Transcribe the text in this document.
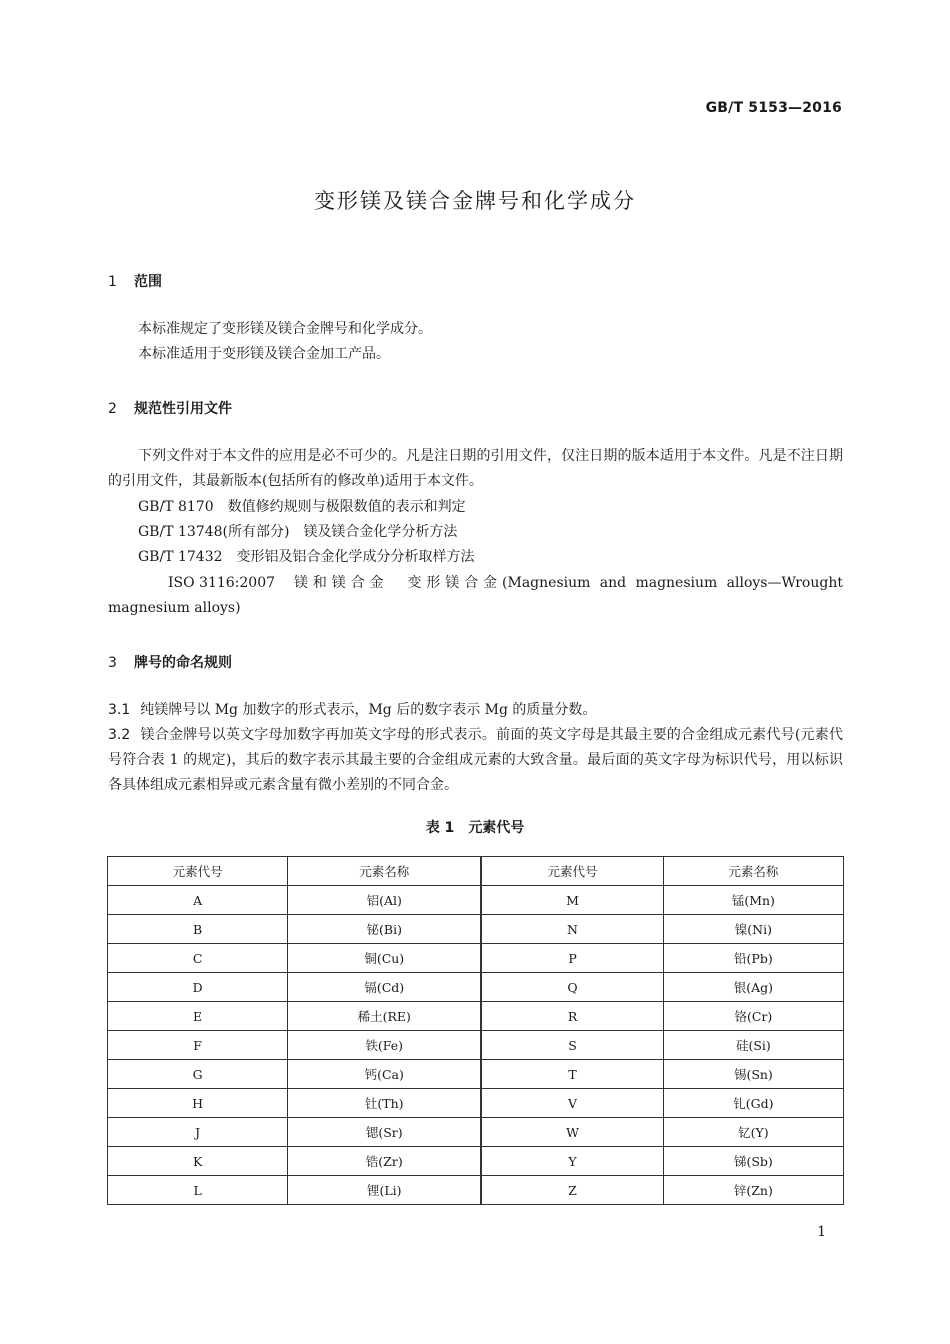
GB/T 5153—2016
变形镁及镁合金牌号和化学成分
1 范围
本标准规定了变形镁及镁合金牌号和化学成分。
本标准适用于变形镁及镁合金加工产品。
2 规范性引用文件
下列文件对于本文件的应用是必不可少的。凡是注日期的引用文件，仅注日期的版本适用于本文件。凡是不注日期的引用文件，其最新版本(包括所有的修改单)适用于本文件。
GB/T 8170 数值修约规则与极限数值的表示和判定
GB/T 13748(所有部分) 镁及镁合金化学分析方法
GB/T 17432 变形铝及铝合金化学成分分析取样方法
ISO 3116:2007 镁和镁合金　变形镁合金(Magnesium and magnesium alloys—Wrought magnesium alloys)
3 牌号的命名规则
3.1 纯镁牌号以 Mg 加数字的形式表示，Mg 后的数字表示 Mg 的质量分数。
3.2 镁合金牌号以英文字母加数字再加英文字母的形式表示。前面的英文字母是其最主要的合金组成元素代号(元素代号符合表 1 的规定)，其后的数字表示其最主要的合金组成元素的大致含量。最后面的英文字母为标识代号，用以标识各具体组成元素相异或元素含量有微小差别的不同合金。
表 1 元素代号
元素代号	元素名称	元素代号	元素名称
A	铝(Al)	M	锰(Mn)
B	铋(Bi)	N	镍(Ni)
C	铜(Cu)	P	铅(Pb)
D	镉(Cd)	Q	银(Ag)
E	稀土(RE)	R	铬(Cr)
F	铁(Fe)	S	硅(Si)
G	钙(Ca)	T	锡(Sn)
H	钍(Th)	V	钆(Gd)
J	锶(Sr)	W	钇(Y)
K	锆(Zr)	Y	锑(Sb)
L	锂(Li)	Z	锌(Zn)
1
